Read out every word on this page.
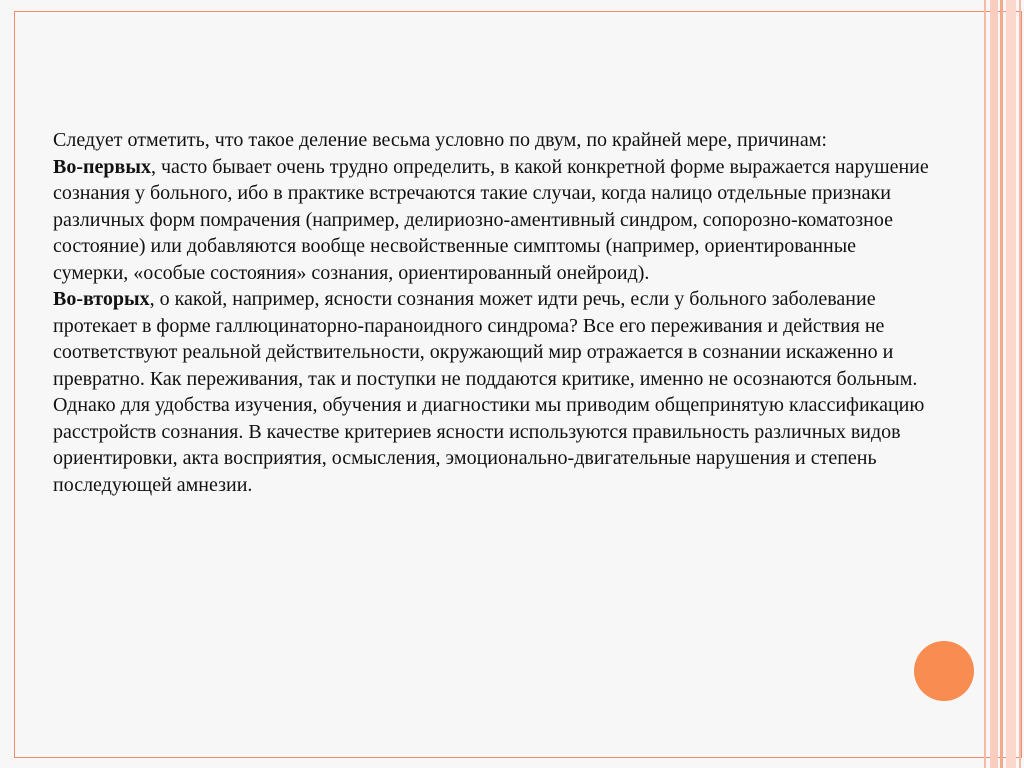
Следует отметить, что такое деление весьма условно по двум, по крайней мере, причинам:

Во-первых, часто бывает очень трудно определить, в какой конкретной форме выражается нарушение сознания у больного, ибо в практике встречаются такие случаи, когда налицо отдельные признаки различных форм помрачения (например, делириозно-аментивный синдром, сопорозно-коматозное состояние) или добавляются вообще несвойственные симптомы (например, ориентированные сумерки, «особые состояния» сознания, ориентированный онейроид).

Во-вторых, о какой, например, ясности сознания может идти речь, если у больного заболевание протекает в форме галлюцинаторно-параноидного синдрома? Все его переживания и действия не соответствуют реальной действительности, окружающий мир отражается в сознании искаженно и превратно. Как переживания, так и поступки не поддаются критике, именно не осознаются больным.

Однако для удобства изучения, обучения и диагностики мы приводим общепринятую классификацию расстройств сознания. В качестве критериев ясности используются правильность различных видов ориентировки, акта восприятия, осмысления, эмоционально-двигательные нарушения и степень последующей амнезии.
